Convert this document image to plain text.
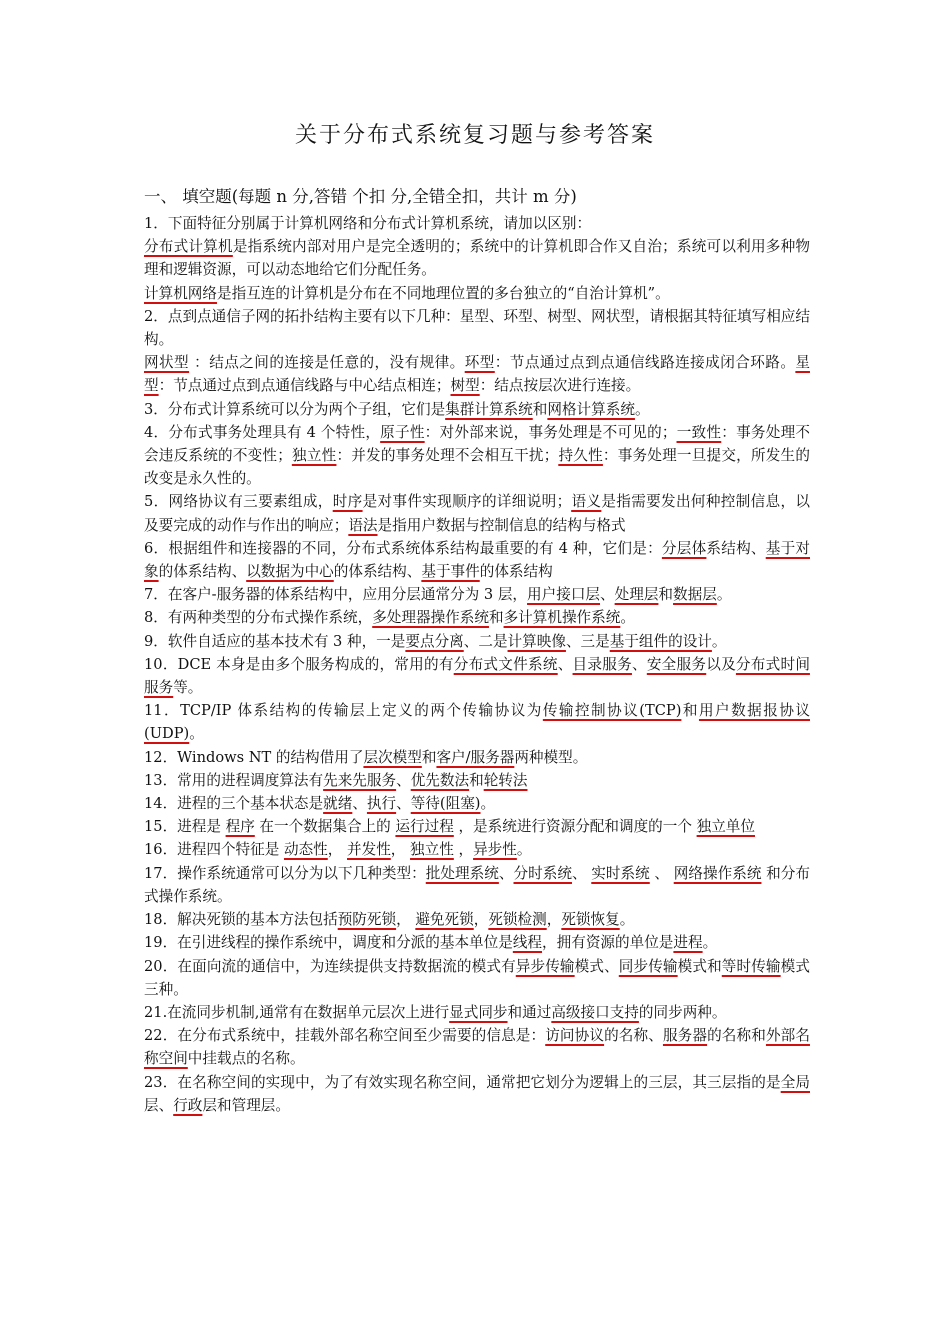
关于分布式系统复习题与参考答案
一、 填空题(每题 n 分,答错 个扣 分,全错全扣，共计 m 分)

1．下面特征分别属于计算机网络和分布式计算机系统，请加以区别：

分布式计算机是指系统内部对用户是完全透明的；系统中的计算机即合作又自治；系统可以利用多种物理和逻辑资源，可以动态地给它们分配任务。

计算机网络是指互连的计算机是分布在不同地理位置的多台独立的“自治计算机”。

2．点到点通信子网的拓扑结构主要有以下几种：星型、环型、树型、网状型，请根据其特征填写相应结构。

网状型 ：结点之间的连接是任意的，没有规律。环型：节点通过点到点通信线路连接成闭合环路。星型：节点通过点到点通信线路与中心结点相连；树型：结点按层次进行连接。

3．分布式计算系统可以分为两个子组，它们是集群计算系统和网格计算系统。

4．分布式事务处理具有 4 个特性，原子性：对外部来说，事务处理是不可见的；一致性：事务处理不会违反系统的不变性；独立性：并发的事务处理不会相互干扰；持久性：事务处理一旦提交，所发生的改变是永久性的。

5．网络协议有三要素组成，时序是对事件实现顺序的详细说明；语义是指需要发出何种控制信息，以及要完成的动作与作出的响应；语法是指用户数据与控制信息的结构与格式

6．根据组件和连接器的不同，分布式系统体系结构最重要的有 4 种，它们是：分层体系结构、基于对象的体系结构、以数据为中心的体系结构、基于事件的体系结构

7．在客户-服务器的体系结构中，应用分层通常分为 3 层，用户接口层、处理层和数据层。

8．有两种类型的分布式操作系统，多处理器操作系统和多计算机操作系统。

9．软件自适应的基本技术有 3 种，一是要点分离、二是计算映像、三是基于组件的设计。

10．DCE 本身是由多个服务构成的，常用的有分布式文件系统、目录服务、安全服务以及分布式时间服务等。

11．TCP/IP 体系结构的传输层上定义的两个传输协议为传输控制协议(TCP)和用户数据报协议(UDP)。

12．Windows NT 的结构借用了层次模型和客户/服务器两种模型。

13．常用的进程调度算法有先来先服务、优先数法和轮转法

14．进程的三个基本状态是就绪、执行、等待(阻塞)。

15．进程是 程序 在一个数据集合上的 运行过程 ，是系统进行资源分配和调度的一个 独立单位

16．进程四个特征是 动态性， 并发性， 独立性 ，异步性。

17．操作系统通常可以分为以下几种类型：批处理系统、分时系统、 实时系统 、 网络操作系统 和分布式操作系统。

18．解决死锁的基本方法包括预防死锁， 避免死锁，死锁检测，死锁恢复。

19．在引进线程的操作系统中，调度和分派的基本单位是线程，拥有资源的单位是进程。

20．在面向流的通信中，为连续提供支持数据流的模式有异步传输模式、同步传输模式和等时传输模式三种。

21.在流同步机制,通常有在数据单元层次上进行显式同步和通过高级接口支持的同步两种。

22．在分布式系统中，挂载外部名称空间至少需要的信息是：访问协议的名称、服务器的名称和外部名称空间中挂载点的名称。

23．在名称空间的实现中，为了有效实现名称空间，通常把它划分为逻辑上的三层，其三层指的是全局层、行政层和管理层。
